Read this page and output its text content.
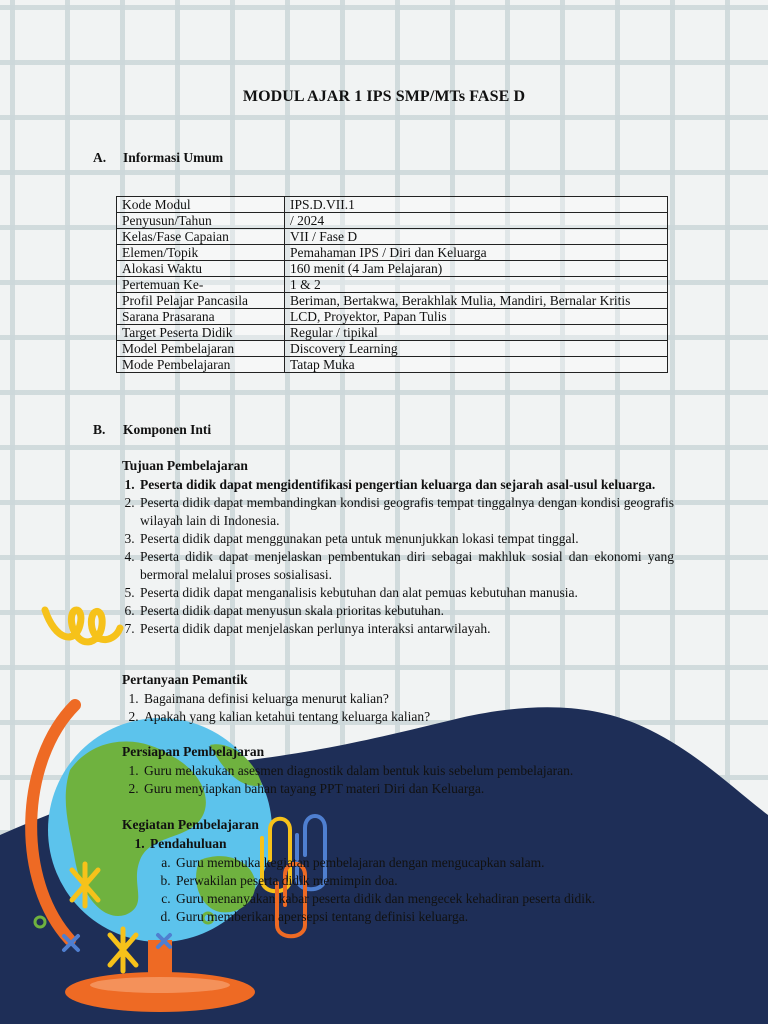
MODUL AJAR 1 IPS SMP/MTs FASE D
A. Informasi Umum
Kode Modul	IPS.D.VII.1
Penyusun/Tahun	/ 2024
Kelas/Fase Capaian	VII / Fase D
Elemen/Topik	Pemahaman IPS / Diri dan Keluarga
Alokasi Waktu	160 menit (4 Jam Pelajaran)
Pertemuan Ke-	1 & 2
Profil Pelajar Pancasila	Beriman, Bertakwa, Berakhlak Mulia, Mandiri, Bernalar Kritis
Sarana Prasarana	LCD, Proyektor, Papan Tulis
Target Peserta Didik	Regular / tipikal
Model Pembelajaran	Discovery Learning
Mode Pembelajaran	Tatap Muka
B. Komponen Inti
Tujuan Pembelajaran
1. Peserta didik dapat mengidentifikasi pengertian keluarga dan sejarah asal-usul keluarga.
2. Peserta didik dapat membandingkan kondisi geografis tempat tinggalnya dengan kondisi geografis wilayah lain di Indonesia.
3. Peserta didik dapat menggunakan peta untuk menunjukkan lokasi tempat tinggal.
4. Peserta didik dapat menjelaskan pembentukan diri sebagai makhluk sosial dan ekonomi yang bermoral melalui proses sosialisasi.
5. Peserta didik dapat menganalisis kebutuhan dan alat pemuas kebutuhan manusia.
6. Peserta didik dapat menyusun skala prioritas kebutuhan.
7. Peserta didik dapat menjelaskan perlunya interaksi antarwilayah.
Pertanyaan Pemantik
1. Bagaimana definisi keluarga menurut kalian?
2. Apakah yang kalian ketahui tentang keluarga kalian?
Persiapan Pembelajaran
1. Guru melakukan asesmen diagnostik dalam bentuk kuis sebelum pembelajaran.
2. Guru menyiapkan bahan tayang PPT materi Diri dan Keluarga.
Kegiatan Pembelajaran
1. Pendahuluan
a. Guru membuka kegiatan pembelajaran dengan mengucapkan salam.
b. Perwakilan peserta didik memimpin doa.
c. Guru menanyakan kabar peserta didik dan mengecek kehadiran peserta didik.
d. Guru memberikan apersepsi tentang definisi keluarga.
